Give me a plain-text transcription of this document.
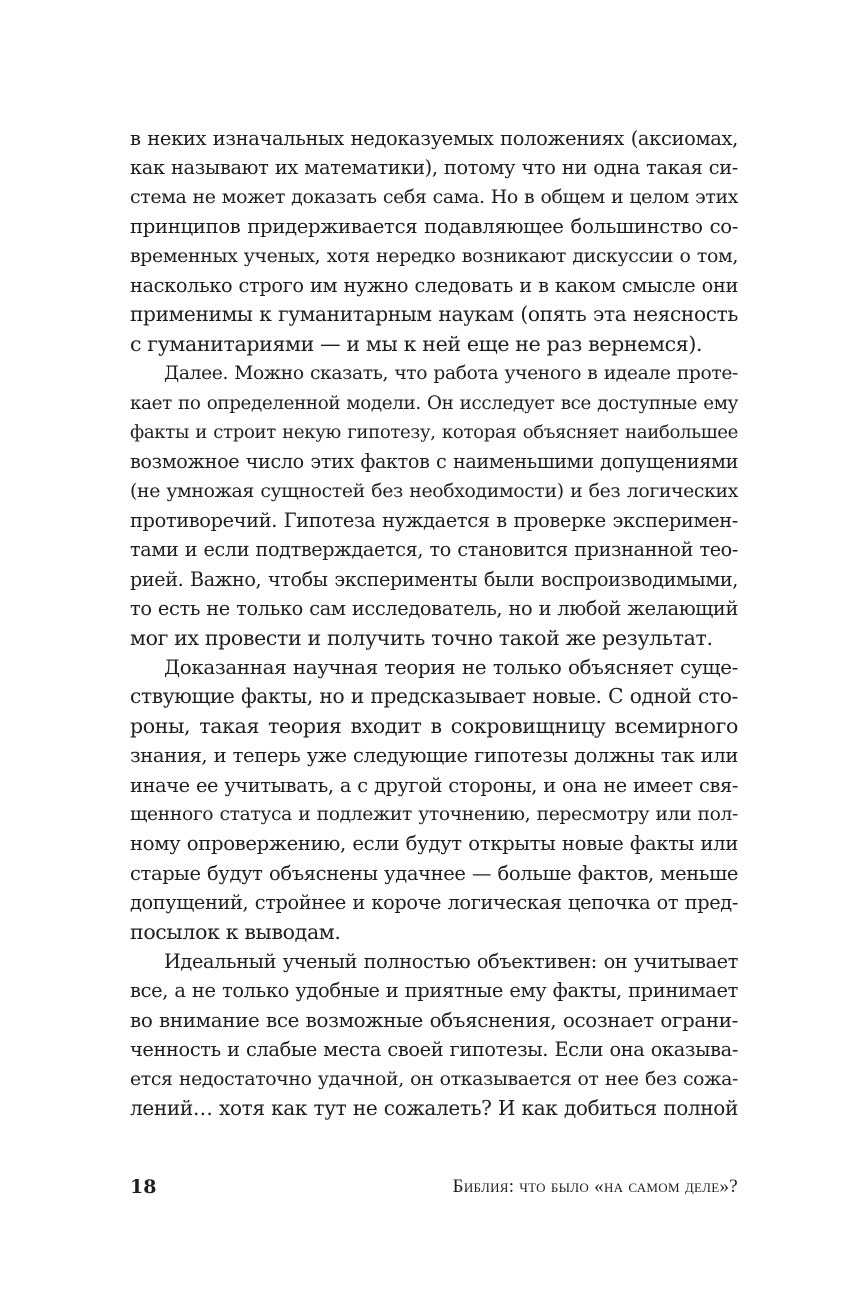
в неких изначальных недоказуемых положениях (аксиомах,
как называют их математики), потому что ни одна такая си-
стема не может доказать себя сама. Но в общем и целом этих
принципов придерживается подавляющее большинство со-
временных ученых, хотя нередко возникают дискуссии о том,
насколько строго им нужно следовать и в каком смысле они
применимы к гуманитарным наукам (опять эта неясность
с гуманитариями — и мы к ней еще не раз вернемся).
Далее. Можно сказать, что работа ученого в идеале проте-
кает по определенной модели. Он исследует все доступные ему
факты и строит некую гипотезу, которая объясняет наибольшее
возможное число этих фактов с наименьшими допущениями
(не умножая сущностей без необходимости) и без логических
противоречий. Гипотеза нуждается в проверке эксперимен-
тами и если подтверждается, то становится признанной тео-
рией. Важно, чтобы эксперименты были воспроизводимыми,
то есть не только сам исследователь, но и любой желающий
мог их провести и получить точно такой же результат.
Доказанная научная теория не только объясняет суще-
ствующие факты, но и предсказывает новые. С одной сто-
роны, такая теория входит в сокровищницу всемирного
знания, и теперь уже следующие гипотезы должны так или
иначе ее учитывать, а с другой стороны, и она не имеет свя-
щенного статуса и подлежит уточнению, пересмотру или пол-
ному опровержению, если будут открыты новые факты или
старые будут объяснены удачнее — больше фактов, меньше
допущений, стройнее и короче логическая цепочка от пред-
посылок к выводам.
Идеальный ученый полностью объективен: он учитывает
все, а не только удобные и приятные ему факты, принимает
во внимание все возможные объяснения, осознает ограни-
ченность и слабые места своей гипотезы. Если она оказыва-
ется недостаточно удачной, он отказывается от нее без сожа-
лений… хотя как тут не сожалеть? И как добиться полной
18	Библия: что было «на самом деле»?
